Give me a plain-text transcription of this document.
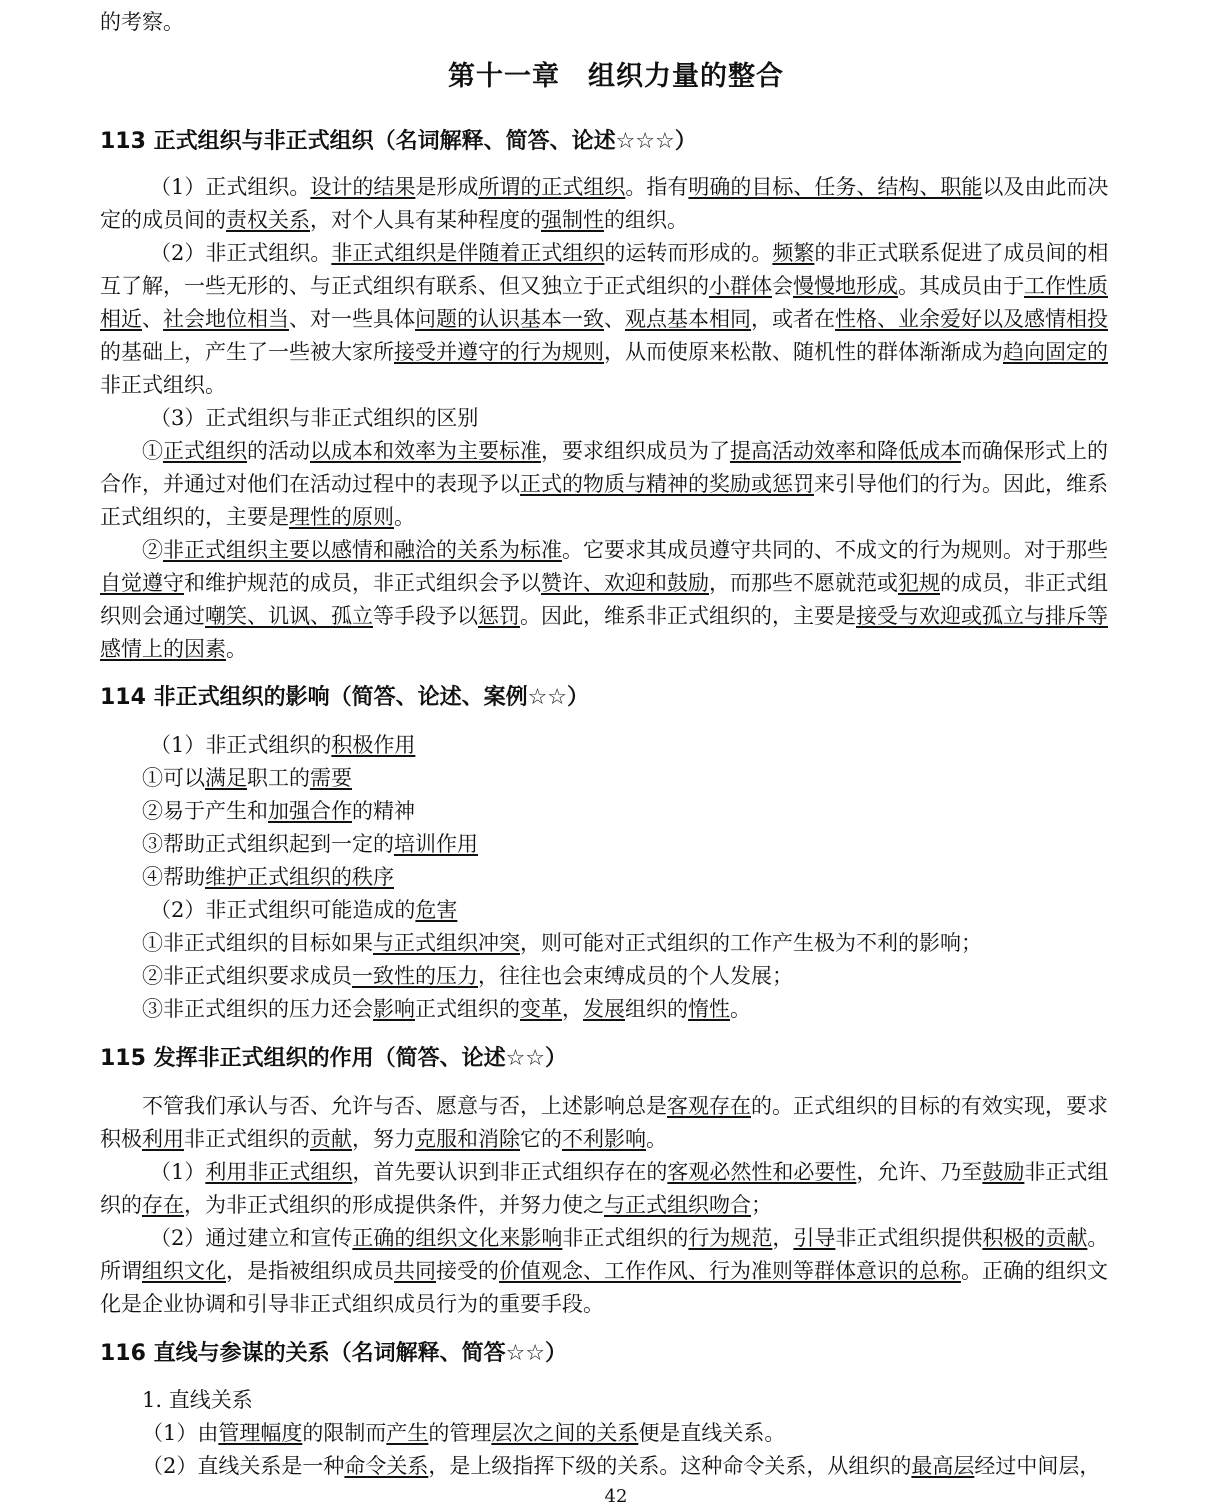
的考察。
第十一章　组织力量的整合
113 正式组织与非正式组织（名词解释、简答、论述☆☆☆）
（1）正式组织。设计的结果是形成所谓的正式组织。指有明确的目标、任务、结构、职能以及由此而决
定的成员间的责权关系，对个人具有某种程度的强制性的组织。
（2）非正式组织。非正式组织是伴随着正式组织的运转而形成的。频繁的非正式联系促进了成员间的相
互了解，一些无形的、与正式组织有联系、但又独立于正式组织的小群体会慢慢地形成。其成员由于工作性质
相近、社会地位相当、对一些具体问题的认识基本一致、观点基本相同，或者在性格、业余爱好以及感情相投
的基础上，产生了一些被大家所接受并遵守的行为规则，从而使原来松散、随机性的群体渐渐成为趋向固定的
非正式组织。
（3）正式组织与非正式组织的区别
①正式组织的活动以成本和效率为主要标准，要求组织成员为了提高活动效率和降低成本而确保形式上的
合作，并通过对他们在活动过程中的表现予以正式的物质与精神的奖励或惩罚来引导他们的行为。因此，维系
正式组织的，主要是理性的原则。
②非正式组织主要以感情和融洽的关系为标准。它要求其成员遵守共同的、不成文的行为规则。对于那些
自觉遵守和维护规范的成员，非正式组织会予以赞许、欢迎和鼓励，而那些不愿就范或犯规的成员，非正式组
织则会通过嘲笑、讥讽、孤立等手段予以惩罚。因此，维系非正式组织的，主要是接受与欢迎或孤立与排斥等
感情上的因素。
114 非正式组织的影响（简答、论述、案例☆☆）
（1）非正式组织的积极作用
①可以满足职工的需要
②易于产生和加强合作的精神
③帮助正式组织起到一定的培训作用
④帮助维护正式组织的秩序
（2）非正式组织可能造成的危害
①非正式组织的目标如果与正式组织冲突，则可能对正式组织的工作产生极为不利的影响；
②非正式组织要求成员一致性的压力，往往也会束缚成员的个人发展；
③非正式组织的压力还会影响正式组织的变革，发展组织的惰性。
115 发挥非正式组织的作用（简答、论述☆☆）
不管我们承认与否、允许与否、愿意与否，上述影响总是客观存在的。正式组织的目标的有效实现，要求
积极利用非正式组织的贡献，努力克服和消除它的不利影响。
（1）利用非正式组织，首先要认识到非正式组织存在的客观必然性和必要性，允许、乃至鼓励非正式组
织的存在，为非正式组织的形成提供条件，并努力使之与正式组织吻合；
（2）通过建立和宣传正确的组织文化来影响非正式组织的行为规范，引导非正式组织提供积极的贡献。
所谓组织文化，是指被组织成员共同接受的价值观念、工作作风、行为准则等群体意识的总称。正确的组织文
化是企业协调和引导非正式组织成员行为的重要手段。
116 直线与参谋的关系（名词解释、简答☆☆）
1. 直线关系
（1）由管理幅度的限制而产生的管理层次之间的关系便是直线关系。
（2）直线关系是一种命令关系，是上级指挥下级的关系。这种命令关系，从组织的最高层经过中间层，
42
